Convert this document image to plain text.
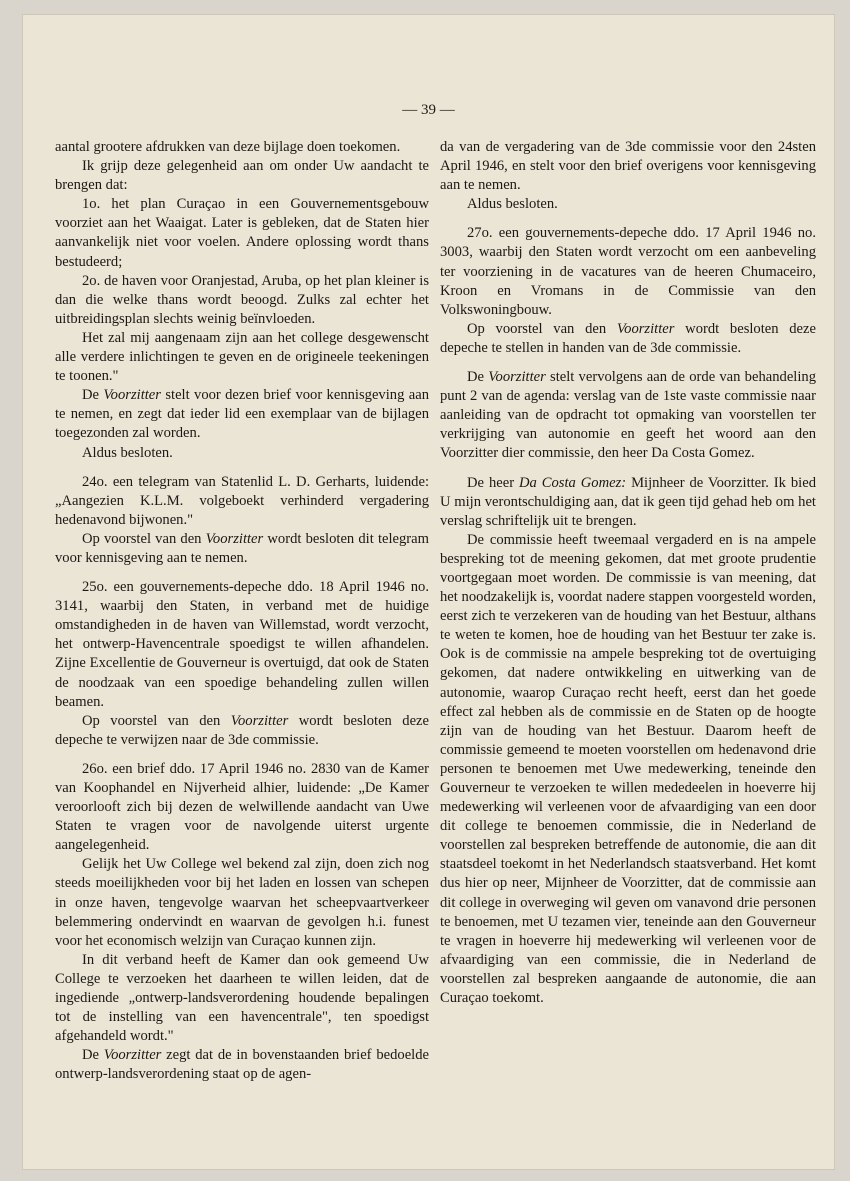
— 39 —

aantal grootere afdrukken van deze bijlage doen toekomen.

Ik grijp deze gelegenheid aan om onder Uw aandacht te brengen dat:

1o. het plan Curaçao in een Gouvernementsgebouw voorziet aan het Waaigat. Later is gebleken, dat de Staten hier aanvankelijk niet voor voelen. Andere oplossing wordt thans bestudeerd;

2o. de haven voor Oranjestad, Aruba, op het plan kleiner is dan die welke thans wordt beoogd. Zulks zal echter het uitbreidingsplan slechts weinig beïnvloeden.

Het zal mij aangenaam zijn aan het college desgewenscht alle verdere inlichtingen te geven en de origineele teekeningen te toonen."

De Voorzitter stelt voor dezen brief voor kennisgeving aan te nemen, en zegt dat ieder lid een exemplaar van de bijlagen toegezonden zal worden.

Aldus besloten.

24o. een telegram van Statenlid L. D. Gerharts, luidende: „Aangezien K.L.M. volgeboekt verhinderd vergadering hedenavond bijwonen."

Op voorstel van den Voorzitter wordt besloten dit telegram voor kennisgeving aan te nemen.

25o. een gouvernements-depeche ddo. 18 April 1946 no. 3141, waarbij den Staten, in verband met de huidige omstandigheden in de haven van Willemstad, wordt verzocht, het ontwerp-Havencentrale spoedigst te willen afhandelen. Zijne Excellentie de Gouverneur is overtuigd, dat ook de Staten de noodzaak van een spoedige behandeling zullen willen beamen.

Op voorstel van den Voorzitter wordt besloten deze depeche te verwijzen naar de 3de commissie.

26o. een brief ddo. 17 April 1946 no. 2830 van de Kamer van Koophandel en Nijverheid alhier, luidende: „De Kamer veroorlooft zich bij dezen de welwillende aandacht van Uwe Staten te vragen voor de navolgende uiterst urgente aangelegenheid.

Gelijk het Uw College wel bekend zal zijn, doen zich nog steeds moeilijkheden voor bij het laden en lossen van schepen in onze haven, tengevolge waarvan het scheepvaartverkeer belemmering ondervindt en waarvan de gevolgen h.i. funest voor het economisch welzijn van Curaçao kunnen zijn.

In dit verband heeft de Kamer dan ook gemeend Uw College te verzoeken het daarheen te willen leiden, dat de ingediende „ontwerp-landsverordening houdende bepalingen tot de instelling van een havencentrale", ten spoedigst afgehandeld wordt."

De Voorzitter zegt dat de in bovenstaanden brief bedoelde ontwerp-landsverordening staat op de agen-

da van de vergadering van de 3de commissie voor den 24sten April 1946, en stelt voor den brief overigens voor kennisgeving aan te nemen.

Aldus besloten.

27o. een gouvernements-depeche ddo. 17 April 1946 no. 3003, waarbij den Staten wordt verzocht om een aanbeveling ter voorziening in de vacatures van de heeren Chumaceiro, Kroon en Vromans in de Commissie van den Volkswoningbouw.

Op voorstel van den Voorzitter wordt besloten deze depeche te stellen in handen van de 3de commissie.

De Voorzitter stelt vervolgens aan de orde van behandeling punt 2 van de agenda: verslag van de 1ste vaste commissie naar aanleiding van de opdracht tot opmaking van voorstellen ter verkrijging van autonomie en geeft het woord aan den Voorzitter dier commissie, den heer Da Costa Gomez.

De heer Da Costa Gomez: Mijnheer de Voorzitter. Ik bied U mijn verontschuldiging aan, dat ik geen tijd gehad heb om het verslag schriftelijk uit te brengen.

De commissie heeft tweemaal vergaderd en is na ampele bespreking tot de meening gekomen, dat met groote prudentie voortgegaan moet worden. De commissie is van meening, dat het noodzakelijk is, voordat nadere stappen voorgesteld worden, eerst zich te verzekeren van de houding van het Bestuur, althans te weten te komen, hoe de houding van het Bestuur ter zake is. Ook is de commissie na ampele bespreking tot de overtuiging gekomen, dat nadere ontwikkeling en uitwerking van de autonomie, waarop Curaçao recht heeft, eerst dan het goede effect zal hebben als de commissie en de Staten op de hoogte zijn van de houding van het Bestuur. Daarom heeft de commissie gemeend te moeten voorstellen om hedenavond drie personen te benoemen met Uwe medewerking, teneinde den Gouverneur te verzoeken te willen mededeelen in hoeverre hij medewerking wil verleenen voor de afvaardiging van een door dit college te benoemen commissie, die in Nederland de voorstellen zal bespreken betreffende de autonomie, die aan dit staatsdeel toekomt in het Nederlandsch staatsverband. Het komt dus hier op neer, Mijnheer de Voorzitter, dat de commissie aan dit college in overweging wil geven om vanavond drie personen te benoemen, met U tezamen vier, teneinde aan den Gouverneur te vragen in hoeverre hij medewerking wil verleenen voor de afvaardiging van een commissie, die in Nederland de voorstellen zal bespreken aangaande de autonomie, die aan Curaçao toekomt.
